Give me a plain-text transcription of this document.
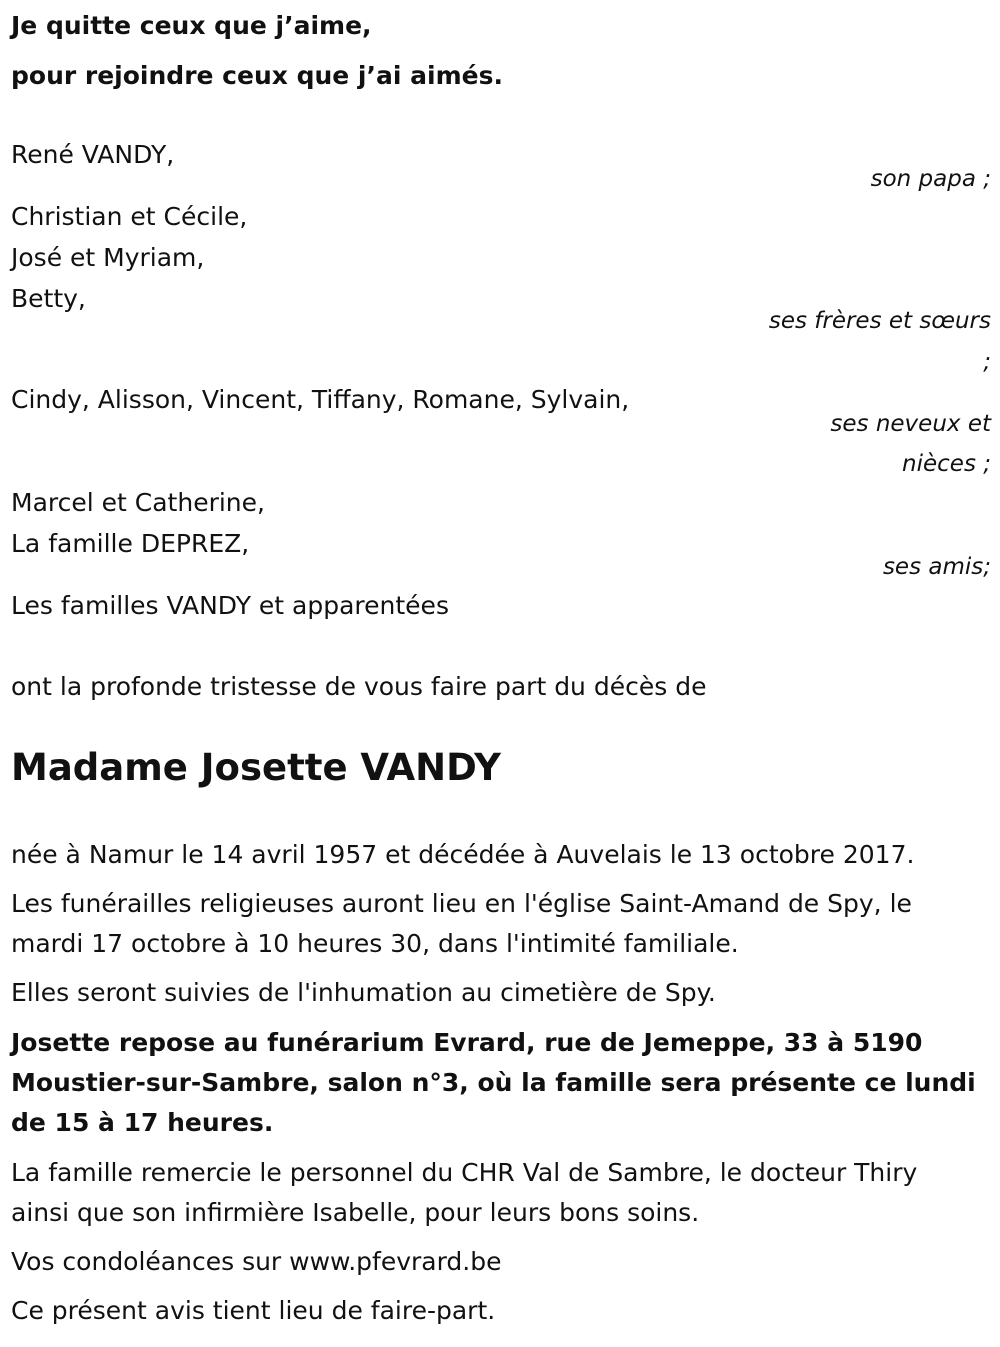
Je quitte ceux que j’aime,
pour rejoindre ceux que j’ai aimés.
René VANDY,
son papa ;
Christian et Cécile,
José et Myriam,
Betty,
ses frères et sœurs
;
Cindy, Alisson, Vincent, Tiffany, Romane, Sylvain,
ses neveux et
nièces ;
Marcel et Catherine,
La famille DEPREZ,
ses amis;
Les familles VANDY et apparentées
ont la profonde tristesse de vous faire part du décès de
Madame Josette VANDY
née à Namur le 14 avril 1957 et décédée à Auvelais le 13 octobre 2017.
Les funérailles religieuses auront lieu en l'église Saint-Amand de Spy, le
mardi 17 octobre à 10 heures 30, dans l'intimité familiale.
Elles seront suivies de l'inhumation au cimetière de Spy.
Josette repose au funérarium Evrard, rue de Jemeppe, 33 à 5190
Moustier-sur-Sambre, salon n°3, où la famille sera présente ce lundi
de 15 à 17 heures.
La famille remercie le personnel du CHR Val de Sambre, le docteur Thiry
ainsi que son infirmière Isabelle, pour leurs bons soins.
Vos condoléances sur www.pfevrard.be
Ce présent avis tient lieu de faire-part.
